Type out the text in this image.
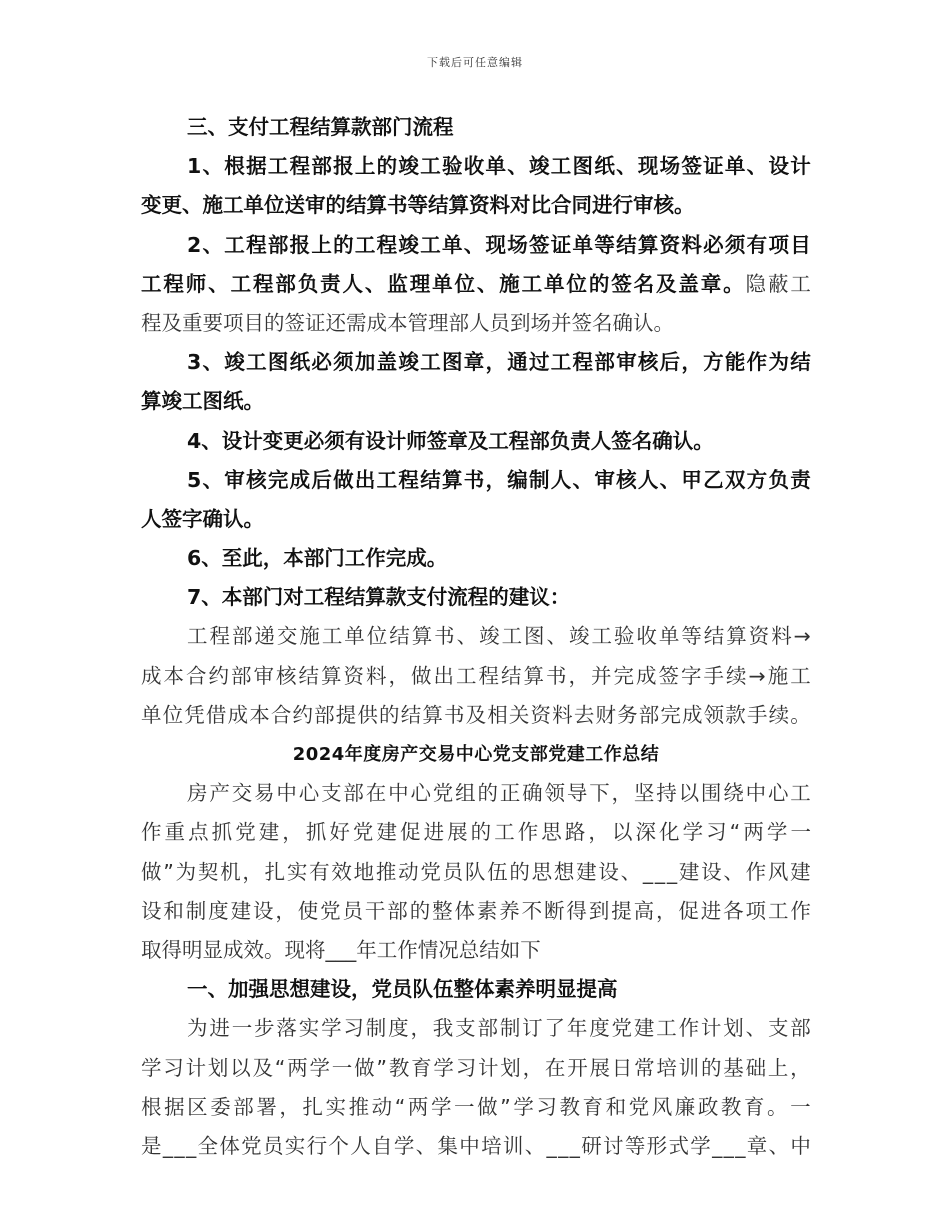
下载后可任意编辑
三、支付工程结算款部门流程
1 、 根 据 工 程 部 报 上 的 竣 工 验 收 单 、 竣 工 图 纸 、 现 场 签 证 单 、 设 计
变更、施工单位送审的结算书等结算资料对比合同进行审核。
2 、 工 程 部 报 上 的 工 程 竣 工 单 、 现 场 签 证 单 等 结 算 资 料 必 须 有 项 目
工 程 师 、 工 程 部 负 责 人 、 监 理 单 位 、 施 工 单 位 的 签 名 及 盖 章 。 隐 蔽 工
程及重要项目的签证还需成本管理部人员到场并签名确认。
3 、 竣 工 图 纸 必 须 加 盖 竣 工 图 章 ， 通 过 工 程 部 审 核 后 ， 方 能 作 为 结
算竣工图纸。
4、设计变更必须有设计师签章及工程部负责人签名确认。
5 、 审 核 完 成 后 做 出 工 程 结 算 书 ， 编 制 人 、 审 核 人 、 甲 乙 双 方 负 责
人签字确认。
6、至此，本部门工作完成。
7、本部门对工程结算款支付流程的建议：
工 程 部 递 交 施 工 单 位 结 算 书 、 竣 工 图 、 竣 工 验 收 单 等 结 算 资 料 →
成 本 合 约 部 审 核 结 算 资 料 ， 做 出 工 程 结 算 书 ， 并 完 成 签 字 手 续 → 施 工
单 位 凭 借 成 本 合 约 部 提 供 的 结 算 书 及 相 关 资 料 去 财 务 部 完 成 领 款 手 续 。
2024年度房产交易中心党支部党建工作总结
房 产 交 易 中 心 支 部 在 中 心 党 组 的 正 确 领 导 下 ， 坚 持 以 围 绕 中 心 工
作 重 点 抓 党 建 ， 抓 好 党 建 促 进 展 的 工 作 思 路 ， 以 深 化 学 习 “ 两 学 一
做 ” 为 契 机 ， 扎 实 有 效 地 推 动 党 员 队 伍 的 思 想 建 设 、 _ _ _ 建 设 、 作 风 建
设 和 制 度 建 设 ， 使 党 员 干 部 的 整 体 素 养 不 断 得 到 提 高 ， 促 进 各 项 工 作
取得明显成效。现将___年工作情况总结如下
一、加强思想建设，党员队伍整体素养明显提高
为 进 一 步 落 实 学 习 制 度 ， 我 支 部 制 订 了 年 度 党 建 工 作 计 划 、 支 部
学 习 计 划 以 及 “ 两 学 一 做 ” 教 育 学 习 计 划 ， 在 开 展 日 常 培 训 的 基 础 上 ，
根 据 区 委 部 署 ， 扎 实 推 动 “ 两 学 一 做 ” 学 习 教 育 和 党 风 廉 政 教 育 。 一
是 _ _ _ 全 体 党 员 实 行 个 人 自 学 、 集 中 培 训 、 _ _ _ 研 讨 等 形 式 学 _ _ _ 章 、 中
